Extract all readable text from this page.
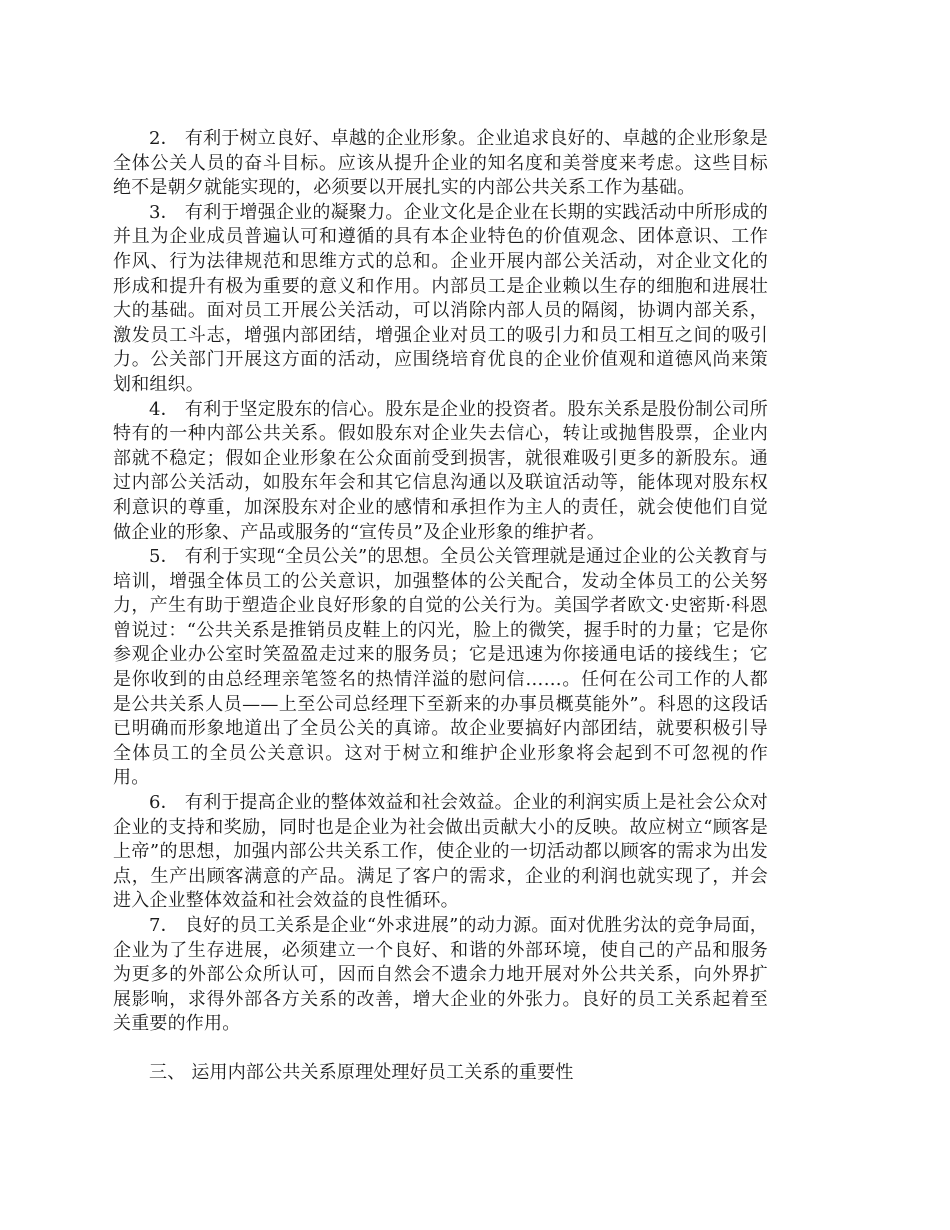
2． 有利于树立良好、卓越的企业形象。企业追求良好的、卓越的企业形象是全体公关人员的奋斗目标。应该从提升企业的知名度和美誉度来考虑。这些目标绝不是朝夕就能实现的，必须要以开展扎实的内部公共关系工作为基础。

3． 有利于增强企业的凝聚力。企业文化是企业在长期的实践活动中所形成的并且为企业成员普遍认可和遵循的具有本企业特色的价值观念、团体意识、工作作风、行为法律规范和思维方式的总和。企业开展内部公关活动，对企业文化的形成和提升有极为重要的意义和作用。内部员工是企业赖以生存的细胞和进展壮大的基础。面对员工开展公关活动，可以消除内部人员的隔阂，协调内部关系，激发员工斗志，增强内部团结，增强企业对员工的吸引力和员工相互之间的吸引力。公关部门开展这方面的活动，应围绕培育优良的企业价值观和道德风尚来策划和组织。

4． 有利于坚定股东的信心。股东是企业的投资者。股东关系是股份制公司所特有的一种内部公共关系。假如股东对企业失去信心，转让或抛售股票，企业内部就不稳定；假如企业形象在公众面前受到损害，就很难吸引更多的新股东。通过内部公关活动，如股东年会和其它信息沟通以及联谊活动等，能体现对股东权利意识的尊重，加深股东对企业的感情和承担作为主人的责任，就会使他们自觉做企业的形象、产品或服务的“宣传员”及企业形象的维护者。

5． 有利于实现“全员公关”的思想。全员公关管理就是通过企业的公关教育与培训，增强全体员工的公关意识，加强整体的公关配合，发动全体员工的公关努力，产生有助于塑造企业良好形象的自觉的公关行为。美国学者欧文·史密斯·科恩曾说过：“公共关系是推销员皮鞋上的闪光，脸上的微笑，握手时的力量；它是你参观企业办公室时笑盈盈走过来的服务员；它是迅速为你接通电话的接线生；它是你收到的由总经理亲笔签名的热情洋溢的慰问信……。任何在公司工作的人都是公共关系人员——上至公司总经理下至新来的办事员概莫能外”。科恩的这段话已明确而形象地道出了全员公关的真谛。故企业要搞好内部团结，就要积极引导全体员工的全员公关意识。这对于树立和维护企业形象将会起到不可忽视的作用。

6． 有利于提高企业的整体效益和社会效益。企业的利润实质上是社会公众对企业的支持和奖励，同时也是企业为社会做出贡献大小的反映。故应树立“顾客是上帝”的思想，加强内部公共关系工作，使企业的一切活动都以顾客的需求为出发点，生产出顾客满意的产品。满足了客户的需求，企业的利润也就实现了，并会进入企业整体效益和社会效益的良性循环。

7． 良好的员工关系是企业“外求进展”的动力源。面对优胜劣汰的竞争局面，企业为了生存进展，必须建立一个良好、和谐的外部环境，使自己的产品和服务为更多的外部公众所认可，因而自然会不遗余力地开展对外公共关系，向外界扩展影响，求得外部各方关系的改善，增大企业的外张力。良好的员工关系起着至关重要的作用。

三、 运用内部公共关系原理处理好员工关系的重要性
